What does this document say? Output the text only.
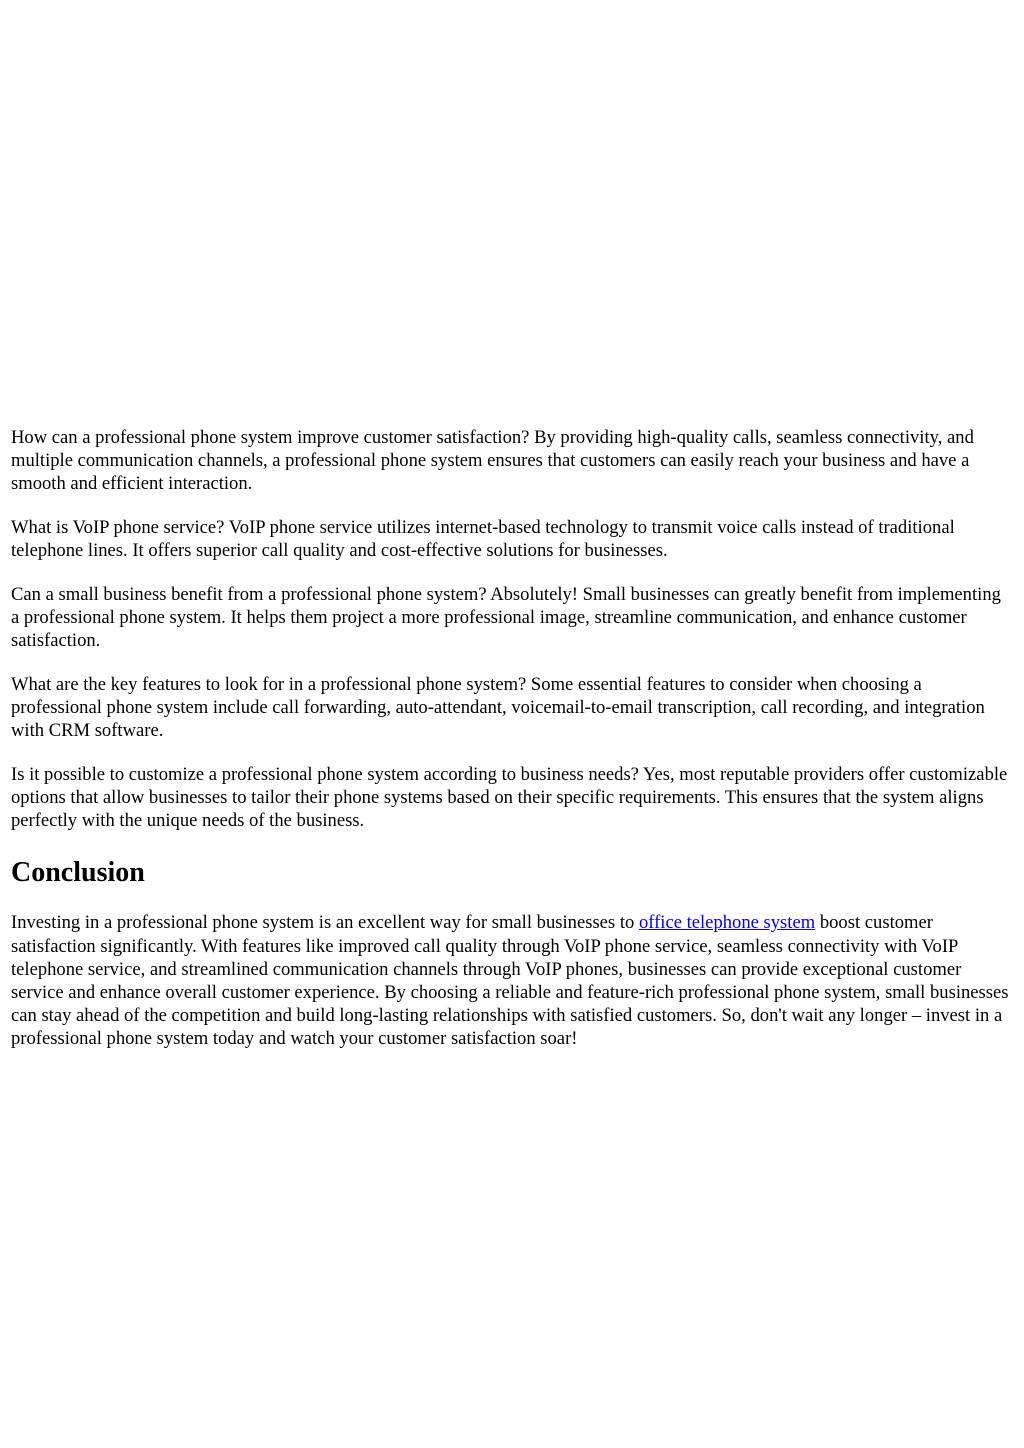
How can a professional phone system improve customer satisfaction? By providing high-quality calls, seamless connectivity, and multiple communication channels, a professional phone system ensures that customers can easily reach your business and have a smooth and efficient interaction.

What is VoIP phone service? VoIP phone service utilizes internet-based technology to transmit voice calls instead of traditional telephone lines. It offers superior call quality and cost-effective solutions for businesses.

Can a small business benefit from a professional phone system? Absolutely! Small businesses can greatly benefit from implementing a professional phone system. It helps them project a more professional image, streamline communication, and enhance customer satisfaction.

What are the key features to look for in a professional phone system? Some essential features to consider when choosing a professional phone system include call forwarding, auto-attendant, voicemail-to-email transcription, call recording, and integration with CRM software.

Is it possible to customize a professional phone system according to business needs? Yes, most reputable providers offer customizable options that allow businesses to tailor their phone systems based on their specific requirements. This ensures that the system aligns perfectly with the unique needs of the business.

Conclusion

Investing in a professional phone system is an excellent way for small businesses to office telephone system boost customer satisfaction significantly. With features like improved call quality through VoIP phone service, seamless connectivity with VoIP telephone service, and streamlined communication channels through VoIP phones, businesses can provide exceptional customer service and enhance overall customer experience. By choosing a reliable and feature-rich professional phone system, small businesses can stay ahead of the competition and build long-lasting relationships with satisfied customers. So, don't wait any longer – invest in a professional phone system today and watch your customer satisfaction soar!
